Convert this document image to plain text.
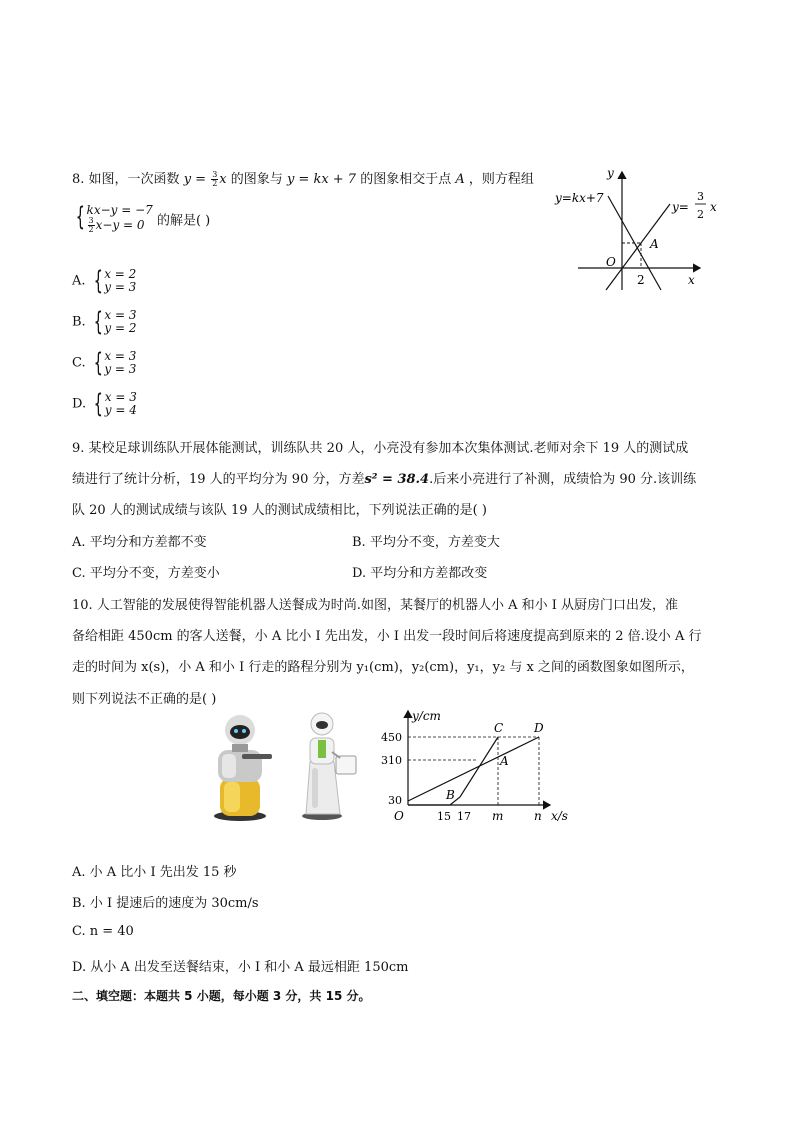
8. 如图，一次函数 $y = \frac{3}{2}$ x 的图象与 y = kx + 7 的图象相交于点 A ，则方程组
{ kx−y = −7
$\frac{3}{2} x-y = 0$ 的解是( )
A. { x = 2
y = 3
B. { x = 3
y = 2
C. { x = 3
y = 3
D. { x = 3
y = 4
y
x
y=kx+7
y=
3
2
x
A
O
2
9. 某校足球训练队开展体能测试，训练队共 20 人，小亮没有参加本次集体测试.老师对余下 19 人的测试成
绩进行了统计分析，19 人的平均分为 90 分，方差s² = 38.4.后来小亮进行了补测，成绩恰为 90 分.该训练
队 20 人的测试成绩与该队 19 人的测试成绩相比，下列说法正确的是( )
A. 平均分和方差都不变	B. 平均分不变，方差变大
C. 平均分不变，方差变小	D. 平均分和方差都改变
10. 人工智能的发展使得智能机器人送餐成为时尚.如图，某餐厅的机器人小 A 和小 I 从厨房门口出发，准
备给相距 450cm 的客人送餐，小 A 比小 I 先出发，小 I 出发一段时间后将速度提高到原来的 2 倍.设小 A 行
走的时间为 x(s)，小 A 和小 I 行走的路程分别为 y₁(cm)，y₂(cm)，y₁，y₂ 与 x 之间的函数图象如图所示，
则下列说法不正确的是( )
y/cm
x/s
450
310
30
O	15 17 m	n
B
A
C	D
A. 小 A 比小 I 先出发 15 秒
B. 小 I 提速后的速度为 30cm/s
C. n = 40
D. 从小 A 出发至送餐结束，小 I 和小 A 最远相距 150cm
二、填空题：本题共 5 小题，每小题 3 分，共 15 分。
